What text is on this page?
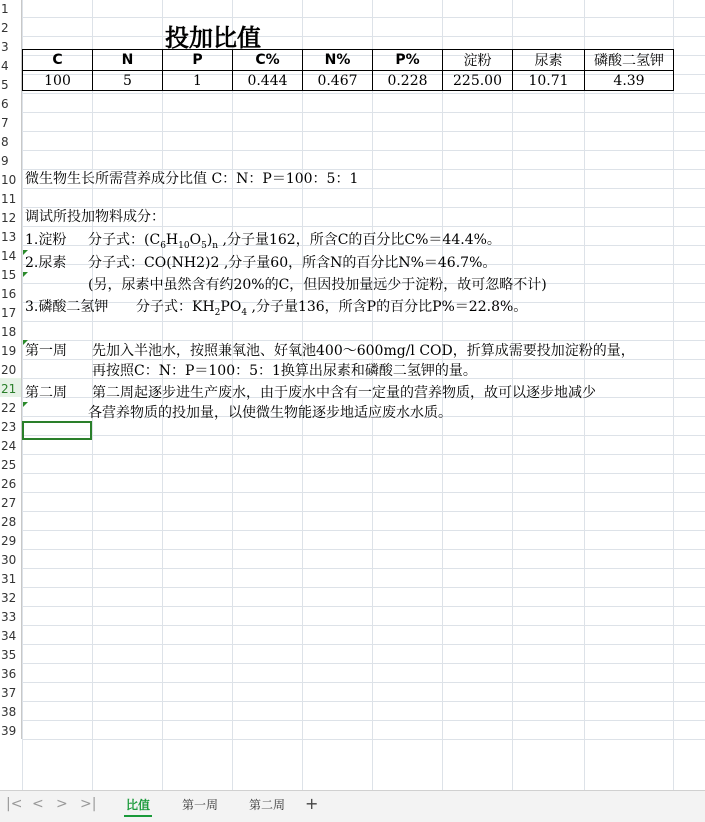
1
2
3
4
5
6
7
8
9
10
11
12
13
14
15
16
17
18
19
20
21
22
23
24
25
26
27
28
29
30
31
32
33
34
35
36
37
38
39
投加比值
C	N	P	C%	N%	P%	淀粉	尿素	磷酸二氢钾
100	5	1	0.444	0.467	0.228	225.00	10.71	4.39
微生物生长所需营养成分比值 C：N：P＝100：5：1
调试所投加物料成分：
1.淀粉 分子式：$(C_6H_{10}O_5)_n$ ,分子量162，所含C的百分比C%＝44.4%。
2.尿素 分子式：CO(NH2)2 ,分子量60，所含N的百分比N%＝46.7%。
(另，尿素中虽然含有约20%的C，但因投加量远少于淀粉，故可忽略不计)
3.磷酸二氢钾 分子式：$KH_2PO_4$ ,分子量136，所含P的百分比P%＝22.8%。
第一周 先加入半池水，按照兼氧池、好氧池400～600mg/l COD，折算成需要投加淀粉的量，
再按照C：N：P＝100：5：1换算出尿素和磷酸二氢钾的量。
第二周 第二周起逐步进生产废水，由于废水中含有一定量的营养物质，故可以逐步地减少
各营养物质的投加量，以使微生物能逐步地适应废水水质。
|< < > >| 比值	第一周	第二周 +
